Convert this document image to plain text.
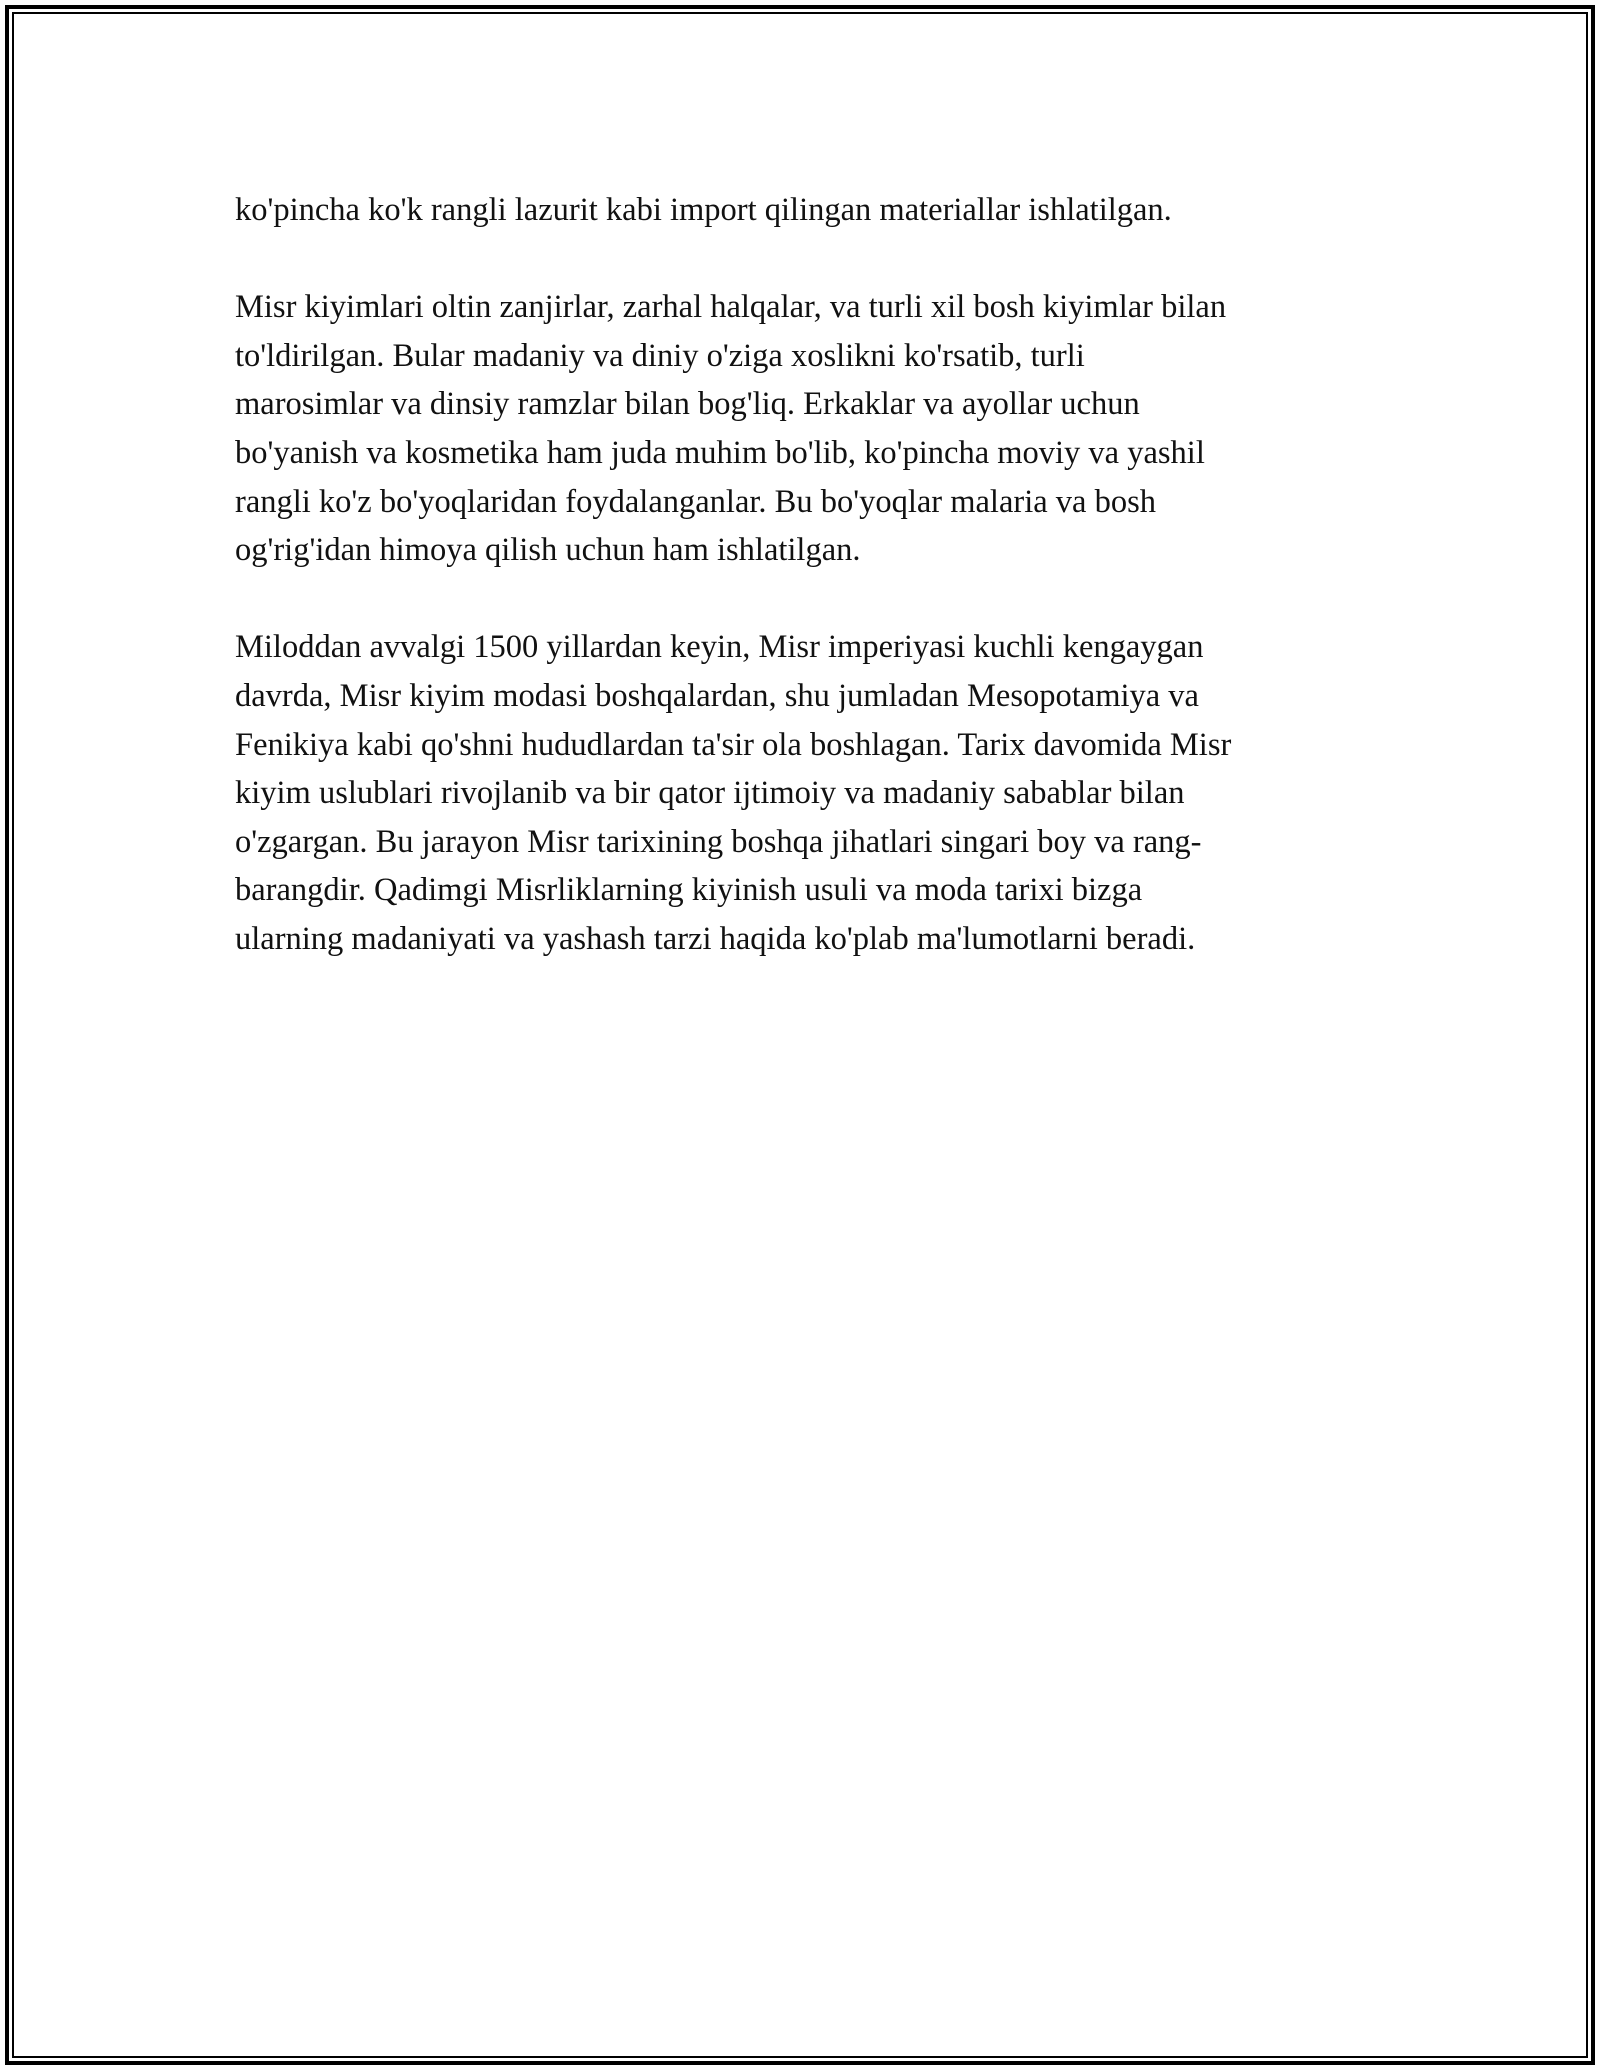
ko'pincha ko'k rangli lazurit kabi import qilingan materiallar ishlatilgan.

Misr kiyimlari oltin zanjirlar, zarhal halqalar, va turli xil bosh kiyimlar bilan
to'ldirilgan. Bular madaniy va diniy o'ziga xoslikni ko'rsatib, turli
marosimlar va dinsiy ramzlar bilan bog'liq. Erkaklar va ayollar uchun
bo'yanish va kosmetika ham juda muhim bo'lib, ko'pincha moviy va yashil
rangli ko'z bo'yoqlaridan foydalanganlar. Bu bo'yoqlar malaria va bosh
og'rig'idan himoya qilish uchun ham ishlatilgan.

Miloddan avvalgi 1500 yillardan keyin, Misr imperiyasi kuchli kengaygan
davrda, Misr kiyim modasi boshqalardan, shu jumladan Mesopotamiya va
Fenikiya kabi qo'shni hududlardan ta'sir ola boshlagan. Tarix davomida Misr
kiyim uslublari rivojlanib va bir qator ijtimoiy va madaniy sabablar bilan
o'zgargan. Bu jarayon Misr tarixining boshqa jihatlari singari boy va rang-
barangdir. Qadimgi Misrliklarning kiyinish usuli va moda tarixi bizga
ularning madaniyati va yashash tarzi haqida ko'plab ma'lumotlarni beradi.
